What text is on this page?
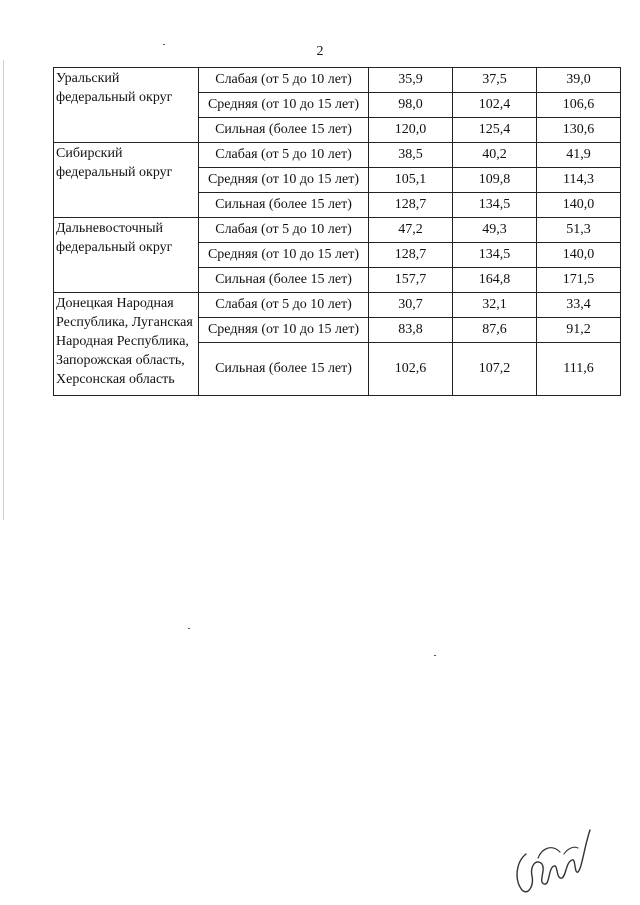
2
Уральский федеральный округ	Слабая (от 5 до 10 лет)	35,9	37,5	39,0
	Средняя (от 10 до 15 лет)	98,0	102,4	106,6
	Сильная (более 15 лет)	120,0	125,4	130,6
Сибирский федеральный округ	Слабая (от 5 до 10 лет)	38,5	40,2	41,9
	Средняя (от 10 до 15 лет)	105,1	109,8	114,3
	Сильная (более 15 лет)	128,7	134,5	140,0
Дальневосточный федеральный округ	Слабая (от 5 до 10 лет)	47,2	49,3	51,3
	Средняя (от 10 до 15 лет)	128,7	134,5	140,0
	Сильная (более 15 лет)	157,7	164,8	171,5
Донецкая Народная Республика, Луганская Народная Республика, Запорожская область, Херсонская область	Слабая (от 5 до 10 лет)	30,7	32,1	33,4
	Средняя (от 10 до 15 лет)	83,8	87,6	91,2
	Сильная (более 15 лет)	102,6	107,2	111,6
